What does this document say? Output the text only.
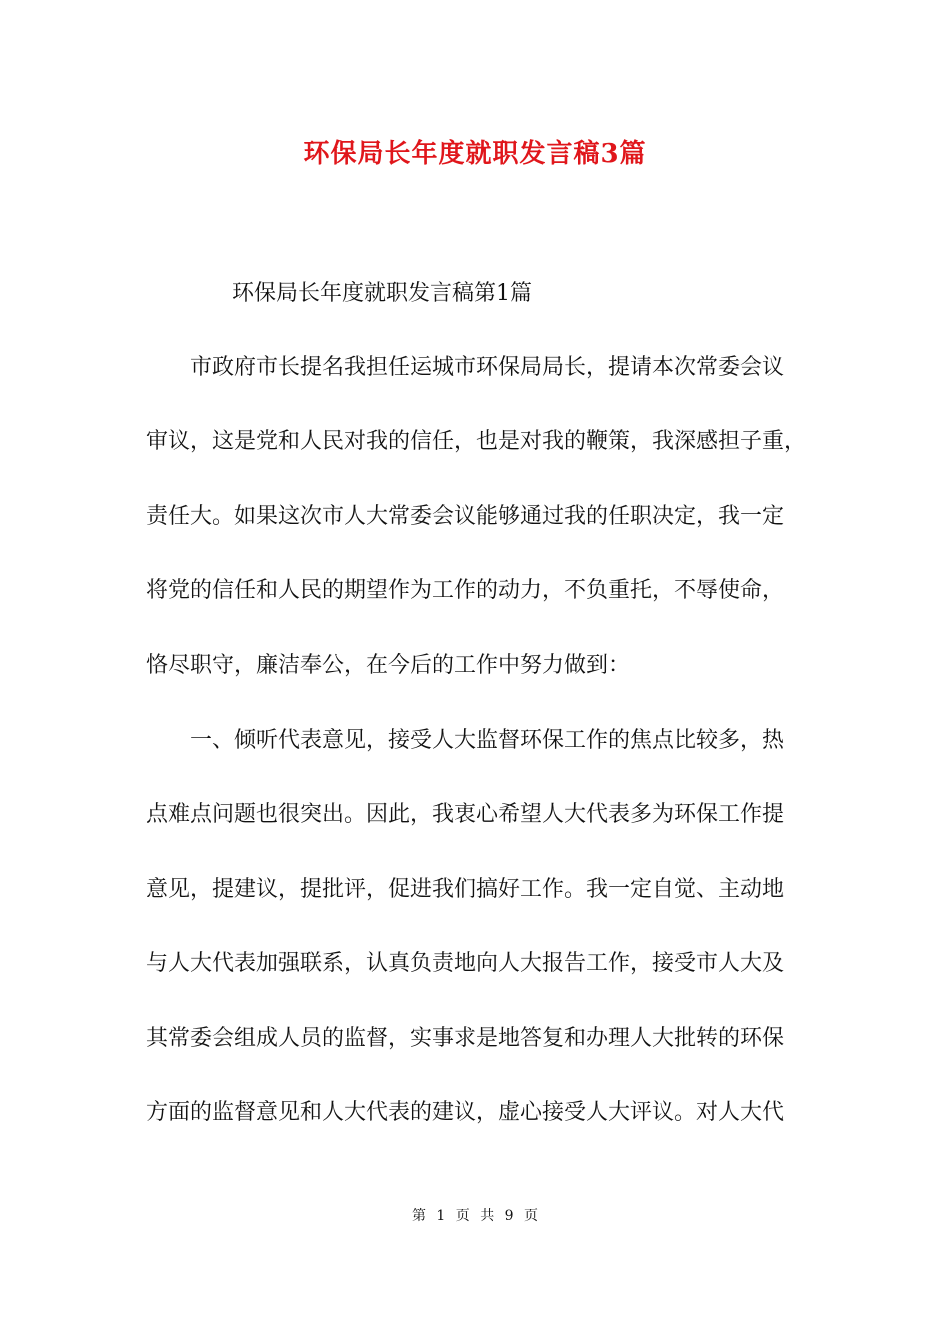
环保局长年度就职发言稿3篇
环保局长年度就职发言稿第1篇
市政府市长提名我担任运城市环保局局长，提请本次常委会议
审议，这是党和人民对我的信任，也是对我的鞭策，我深感担子重，
责任大。如果这次市人大常委会议能够通过我的任职决定，我一定
将党的信任和人民的期望作为工作的动力，不负重托，不辱使命，
恪尽职守，廉洁奉公，在今后的工作中努力做到：
一、倾听代表意见，接受人大监督环保工作的焦点比较多，热
点难点问题也很突出。因此，我衷心希望人大代表多为环保工作提
意见，提建议，提批评，促进我们搞好工作。我一定自觉、主动地
与人大代表加强联系，认真负责地向人大报告工作，接受市人大及
其常委会组成人员的监督，实事求是地答复和办理人大批转的环保
方面的监督意见和人大代表的建议，虚心接受人大评议。对人大代
第 1 页 共 9 页
